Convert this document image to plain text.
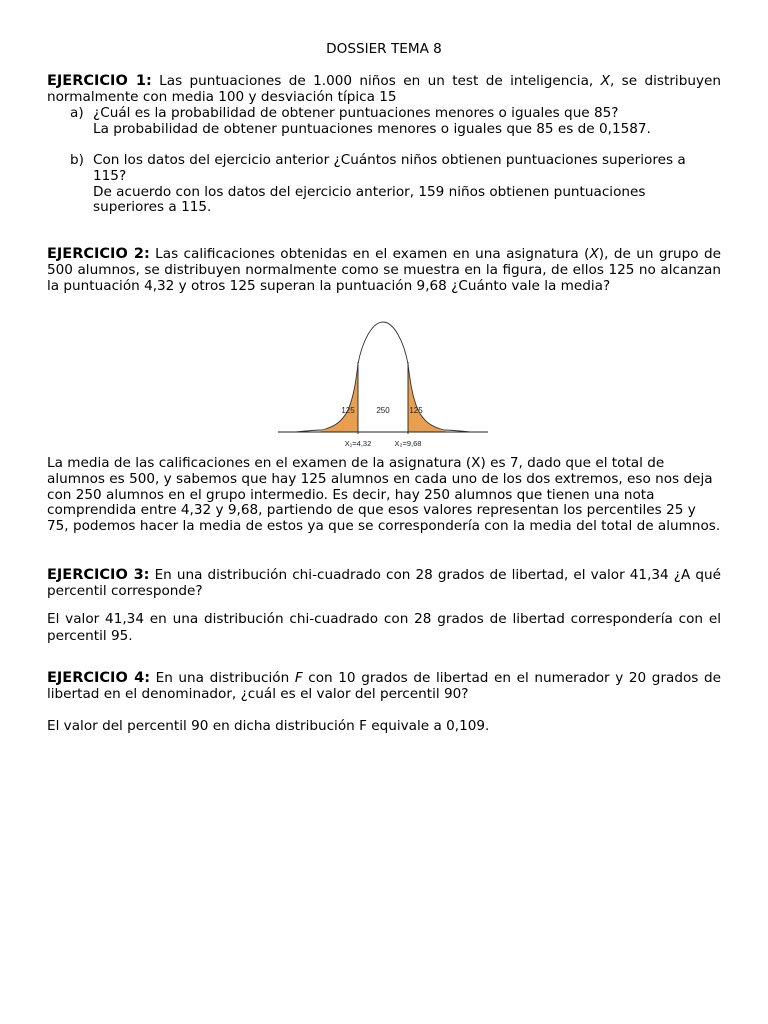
DOSSIER TEMA 8
EJERCICIO 1: Las puntuaciones de 1.000 niños en un test de inteligencia, X, se distribuyen normalmente con media 100 y desviación típica 15
a) ¿Cuál es la probabilidad de obtener puntuaciones menores o iguales que 85?
La probabilidad de obtener puntuaciones menores o iguales que 85 es de 0,1587.
b) Con los datos del ejercicio anterior ¿Cuántos niños obtienen puntuaciones superiores a 115?
De acuerdo con los datos del ejercicio anterior, 159 niños obtienen puntuaciones superiores a 115.
EJERCICIO 2: Las calificaciones obtenidas en el examen en una asignatura (X), de un grupo de 500 alumnos, se distribuyen normalmente como se muestra en la figura, de ellos 125 no alcanzan la puntuación 4,32 y otros 125 superan la puntuación 9,68 ¿Cuánto vale la media?
125	250 125
X₁=4,32	X₂=9,68
La media de las calificaciones en el examen de la asignatura (X) es 7, dado que el total de alumnos es 500, y sabemos que hay 125 alumnos en cada uno de los dos extremos, eso nos deja con 250 alumnos en el grupo intermedio. Es decir, hay 250 alumnos que tienen una nota comprendida entre 4,32 y 9,68, partiendo de que esos valores representan los percentiles 25 y 75, podemos hacer la media de estos ya que se correspondería con la media del total de alumnos.
EJERCICIO 3: En una distribución chi-cuadrado con 28 grados de libertad, el valor 41,34 ¿A qué percentil corresponde?
El valor 41,34 en una distribución chi-cuadrado con 28 grados de libertad correspondería con el percentil 95.
EJERCICIO 4: En una distribución F con 10 grados de libertad en el numerador y 20 grados de libertad en el denominador, ¿cuál es el valor del percentil 90?
El valor del percentil 90 en dicha distribución F equivale a 0,109.
